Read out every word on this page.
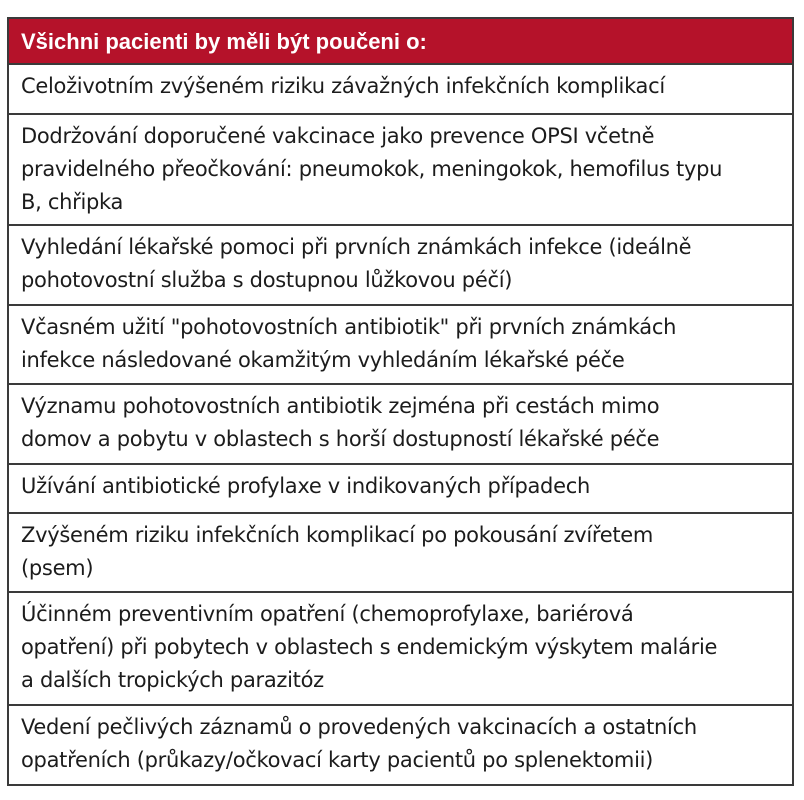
Všichni pacienti by měli být poučeni o:
Celoživotním zvýšeném riziku závažných infekčních komplikací
Dodržování doporučené vakcinace jako prevence OPSI včetně
pravidelného přeočkování: pneumokok, meningokok, hemofilus typu
B, chřipka
Vyhledání lékařské pomoci při prvních známkách infekce (ideálně
pohotovostní služba s dostupnou lůžkovou péčí)
Včasném užití "pohotovostních antibiotik" při prvních známkách
infekce následované okamžitým vyhledáním lékařské péče
Významu pohotovostních antibiotik zejména při cestách mimo
domov a pobytu v oblastech s horší dostupností lékařské péče
Užívání antibiotické profylaxe v indikovaných případech
Zvýšeném riziku infekčních komplikací po pokousání zvířetem
(psem)
Účinném preventivním opatření (chemoprofylaxe, bariérová
opatření) při pobytech v oblastech s endemickým výskytem malárie
a dalších tropických parazitóz
Vedení pečlivých záznamů o provedených vakcinacích a ostatních
opatřeních (průkazy/očkovací karty pacientů po splenektomii)
